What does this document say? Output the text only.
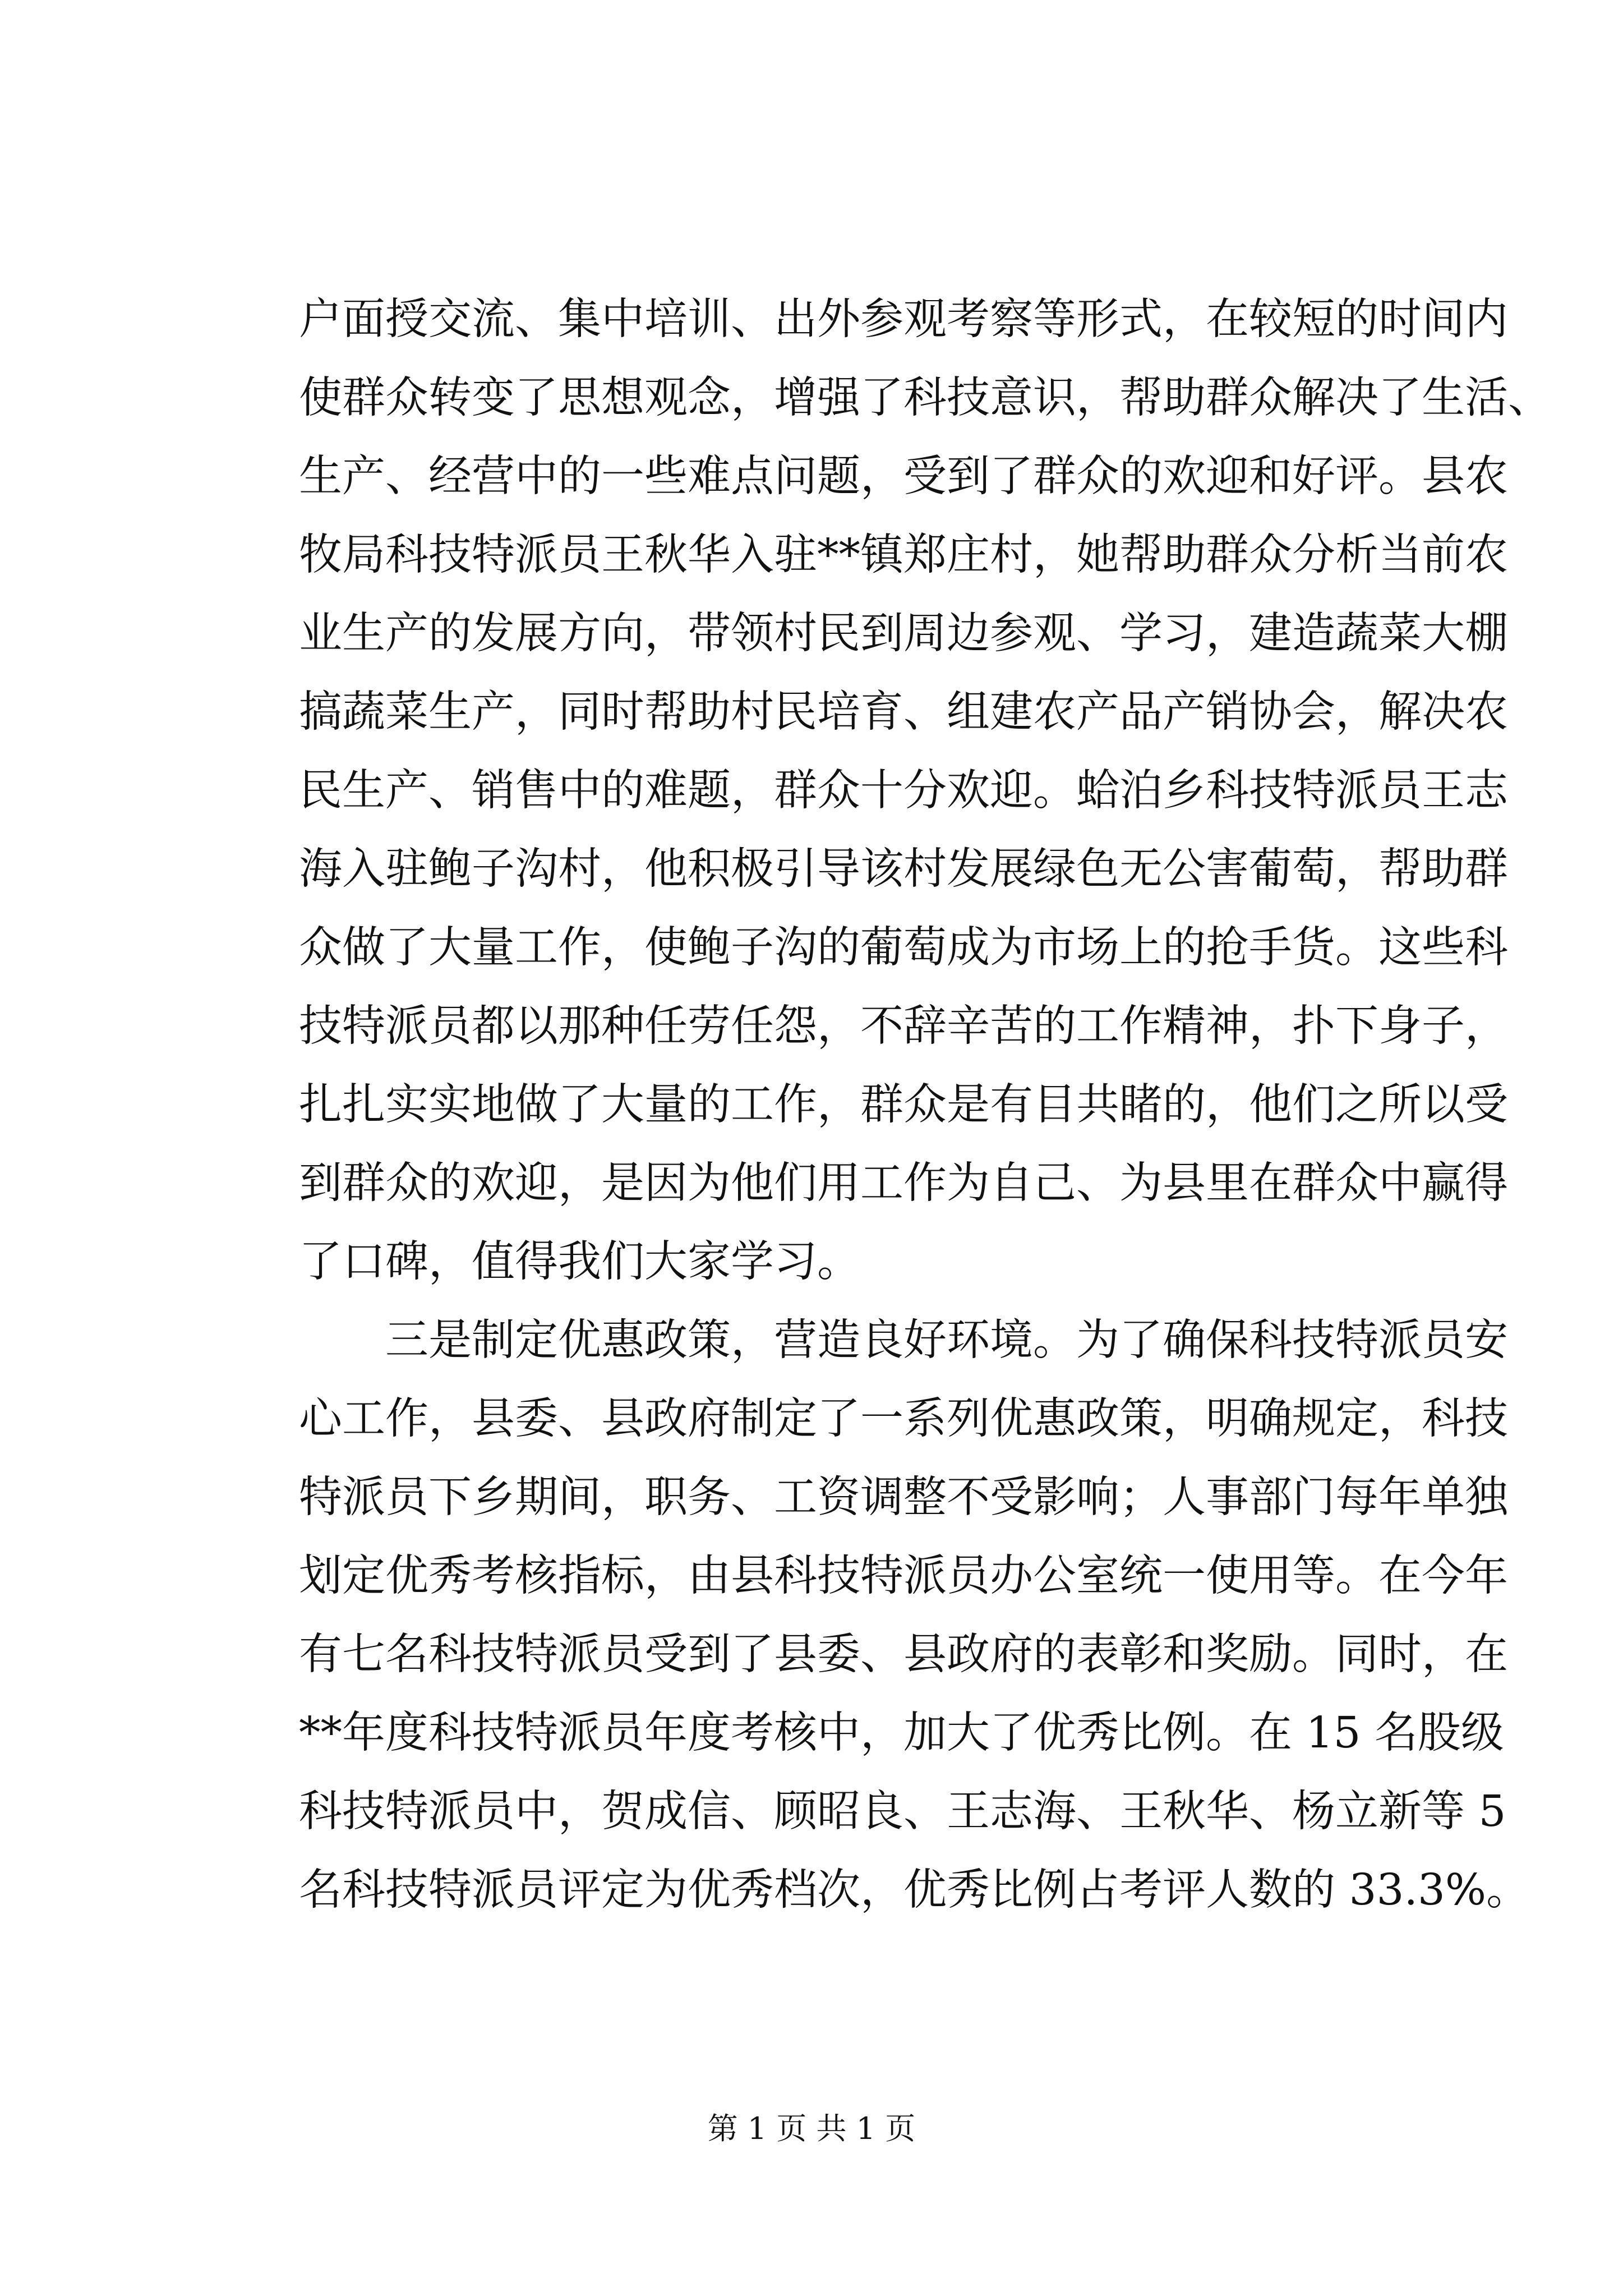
户面授交流、集中培训、出外参观考察等形式，在较短的时间内
使群众转变了思想观念，增强了科技意识，帮助群众解决了生活、
生产、经营中的一些难点问题，受到了群众的欢迎和好评。县农
牧局科技特派员王秋华入驻**镇郑庄村，她帮助群众分析当前农
业生产的发展方向，带领村民到周边参观、学习，建造蔬菜大棚
搞蔬菜生产，同时帮助村民培育、组建农产品产销协会，解决农
民生产、销售中的难题，群众十分欢迎。蛤泊乡科技特派员王志
海入驻鲍子沟村，他积极引导该村发展绿色无公害葡萄，帮助群
众做了大量工作，使鲍子沟的葡萄成为市场上的抢手货。这些科
技特派员都以那种任劳任怨，不辞辛苦的工作精神，扑下身子，
扎扎实实地做了大量的工作，群众是有目共睹的，他们之所以受
到群众的欢迎，是因为他们用工作为自己、为县里在群众中赢得
了口碑，值得我们大家学习。
　　三是制定优惠政策，营造良好环境。为了确保科技特派员安
心工作，县委、县政府制定了一系列优惠政策，明确规定，科技
特派员下乡期间，职务、工资调整不受影响；人事部门每年单独
划定优秀考核指标，由县科技特派员办公室统一使用等。在今年
有七名科技特派员受到了县委、县政府的表彰和奖励。同时，在
**年度科技特派员年度考核中，加大了优秀比例。在 15 名股级
科技特派员中，贺成信、顾昭良、王志海、王秋华、杨立新等 5
名科技特派员评定为优秀档次，优秀比例占考评人数的 33.3%。
第 1 页 共 1 页
